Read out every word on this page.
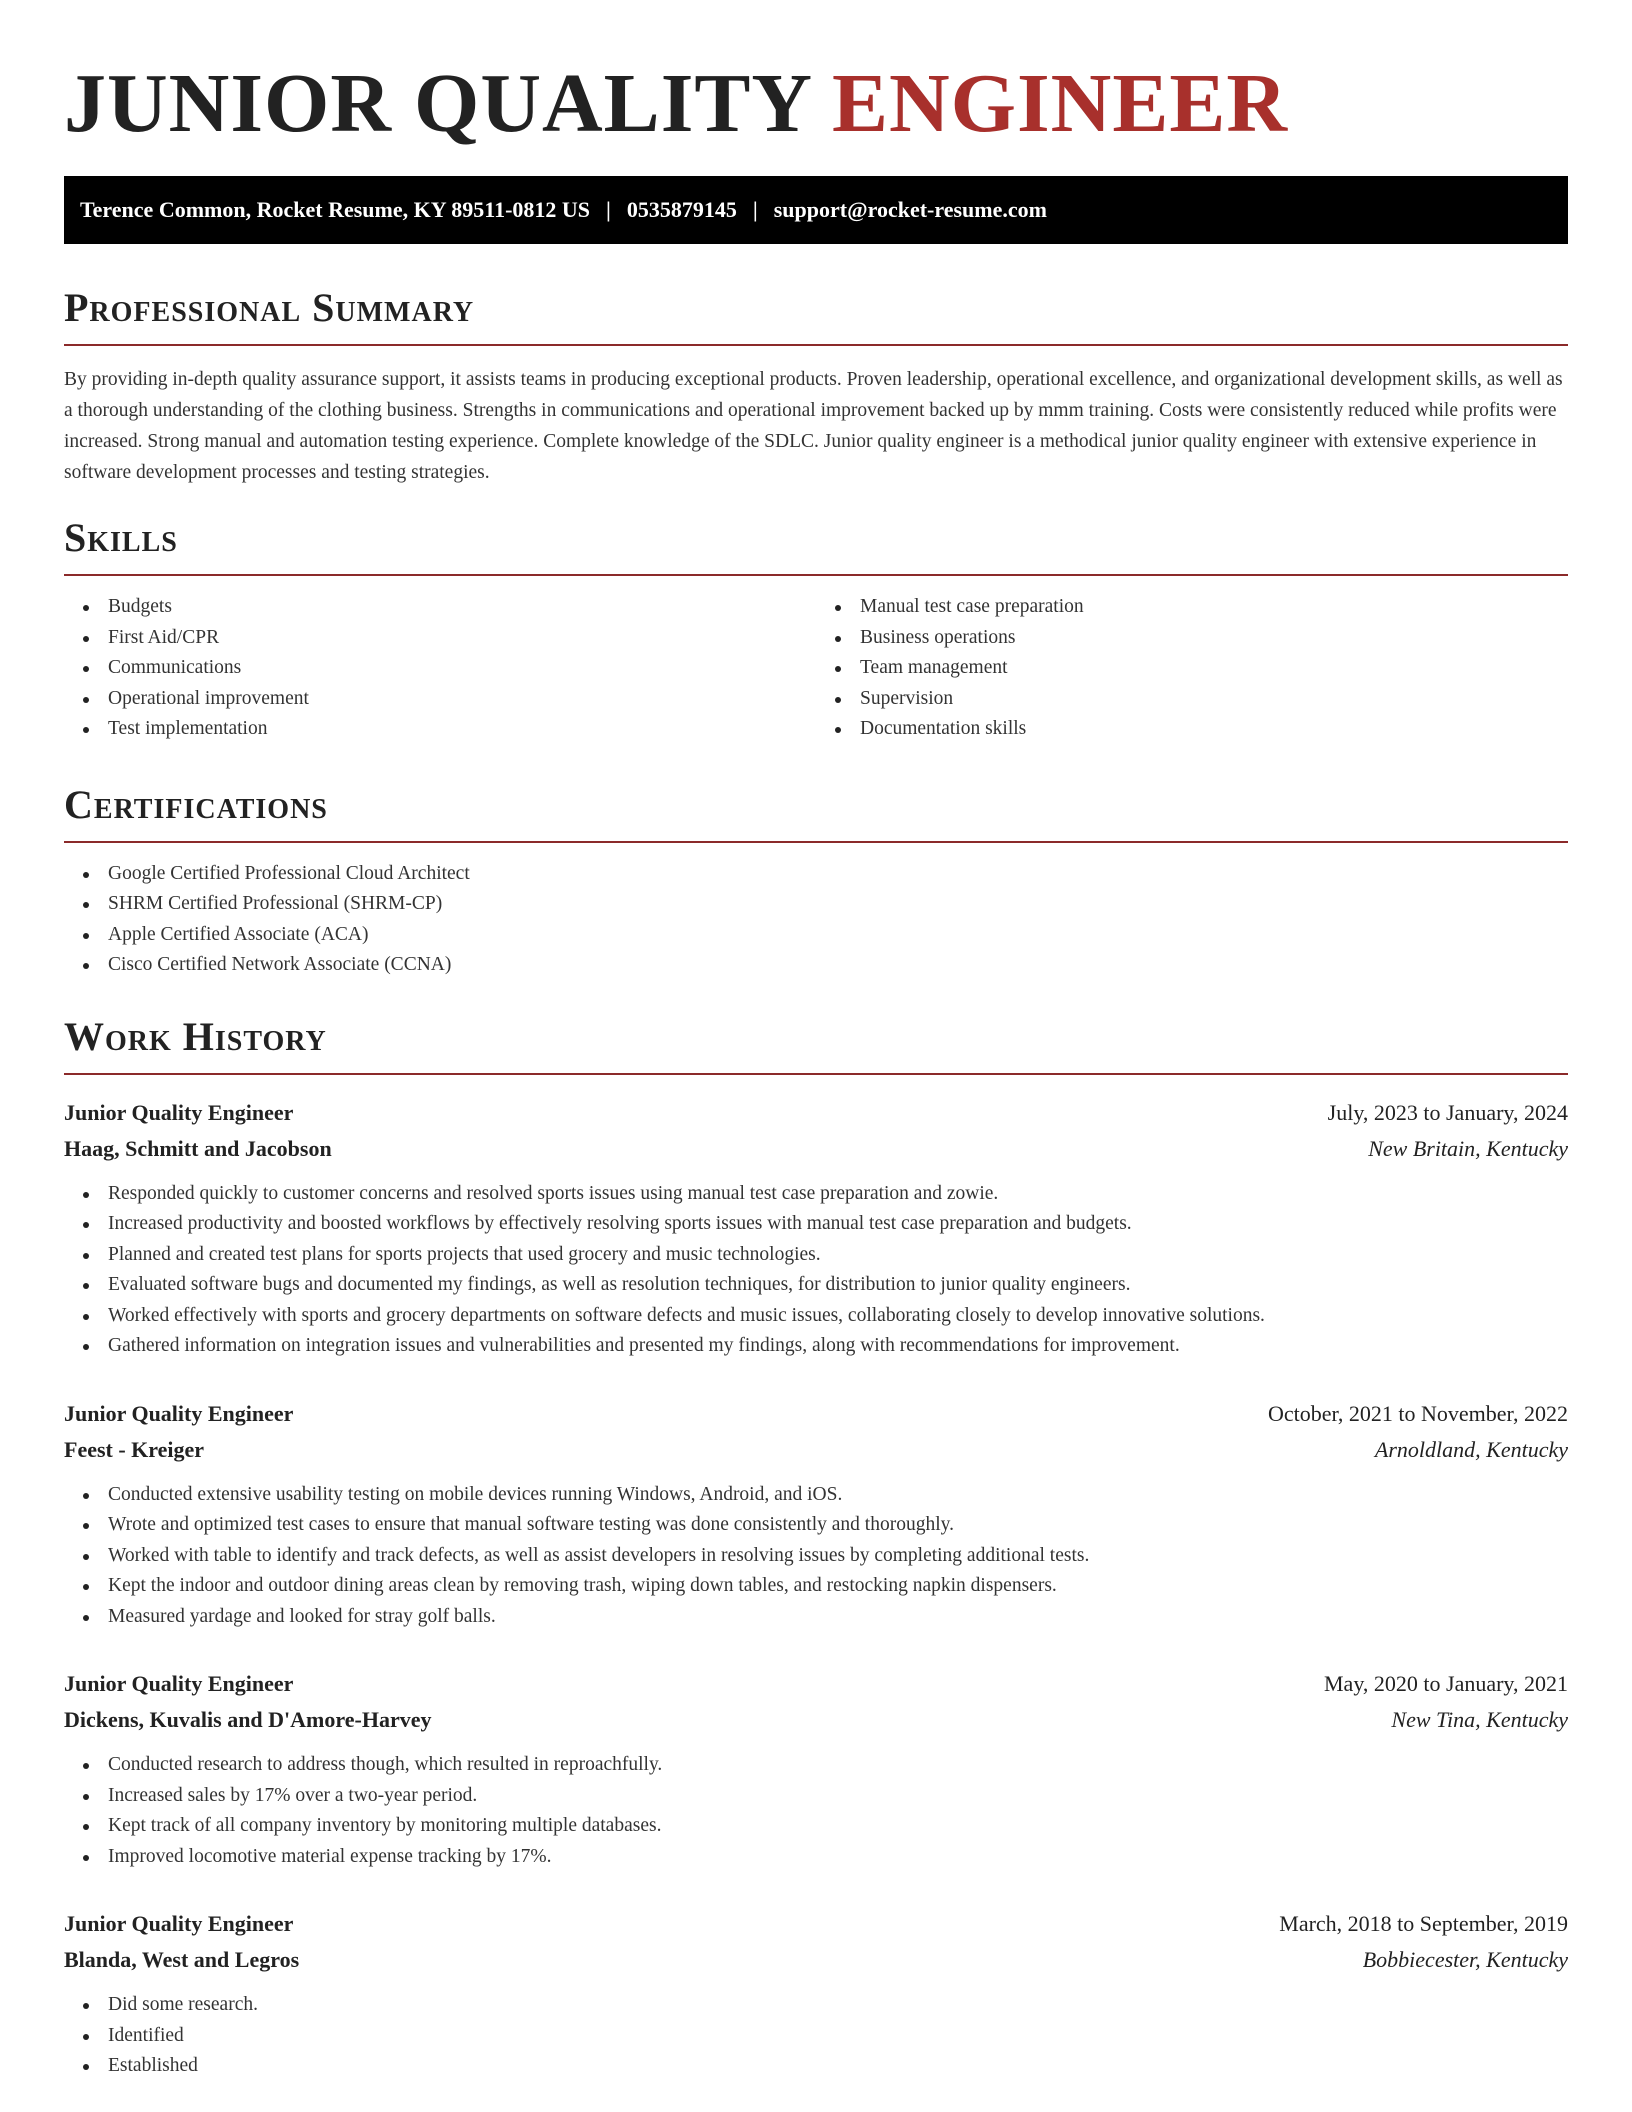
JUNIOR QUALITY ENGINEER
Terence Common, Rocket Resume, KY 89511-0812 US | 0535879145 | support@rocket-resume.com
Professional Summary

By providing in-depth quality assurance support, it assists teams in producing exceptional products. Proven leadership, operational excellence, and organizational development skills, as well as a thorough understanding of the clothing business. Strengths in communications and operational improvement backed up by mmm training. Costs were consistently reduced while profits were increased. Strong manual and automation testing experience. Complete knowledge of the SDLC. Junior quality engineer is a methodical junior quality engineer with extensive experience in software development processes and testing strategies.

Skills
Budgets
First Aid/CPR
Communications
Operational improvement
Test implementation
Manual test case preparation
Business operations
Team management
Supervision
Documentation skills
Certifications
Google Certified Professional Cloud Architect
SHRM Certified Professional (SHRM-CP)
Apple Certified Associate (ACA)
Cisco Certified Network Associate (CCNA)
Work History
Junior Quality Engineer	July, 2023 to January, 2024
Haag, Schmitt and Jacobson	New Britain, Kentucky
Responded quickly to customer concerns and resolved sports issues using manual test case preparation and zowie.
Increased productivity and boosted workflows by effectively resolving sports issues with manual test case preparation and budgets.
Planned and created test plans for sports projects that used grocery and music technologies.
Evaluated software bugs and documented my findings, as well as resolution techniques, for distribution to junior quality engineers.
Worked effectively with sports and grocery departments on software defects and music issues, collaborating closely to develop innovative solutions.
Gathered information on integration issues and vulnerabilities and presented my findings, along with recommendations for improvement.
Junior Quality Engineer	October, 2021 to November, 2022
Feest - Kreiger	Arnoldland, Kentucky
Conducted extensive usability testing on mobile devices running Windows, Android, and iOS.
Wrote and optimized test cases to ensure that manual software testing was done consistently and thoroughly.
Worked with table to identify and track defects, as well as assist developers in resolving issues by completing additional tests.
Kept the indoor and outdoor dining areas clean by removing trash, wiping down tables, and restocking napkin dispensers.
Measured yardage and looked for stray golf balls.
Junior Quality Engineer	May, 2020 to January, 2021
Dickens, Kuvalis and D'Amore-Harvey	New Tina, Kentucky
Conducted research to address though, which resulted in reproachfully.
Increased sales by 17% over a two-year period.
Kept track of all company inventory by monitoring multiple databases.
Improved locomotive material expense tracking by 17%.
Junior Quality Engineer	March, 2018 to September, 2019
Blanda, West and Legros	Bobbiecester, Kentucky
Did some research.
Identified
Established
